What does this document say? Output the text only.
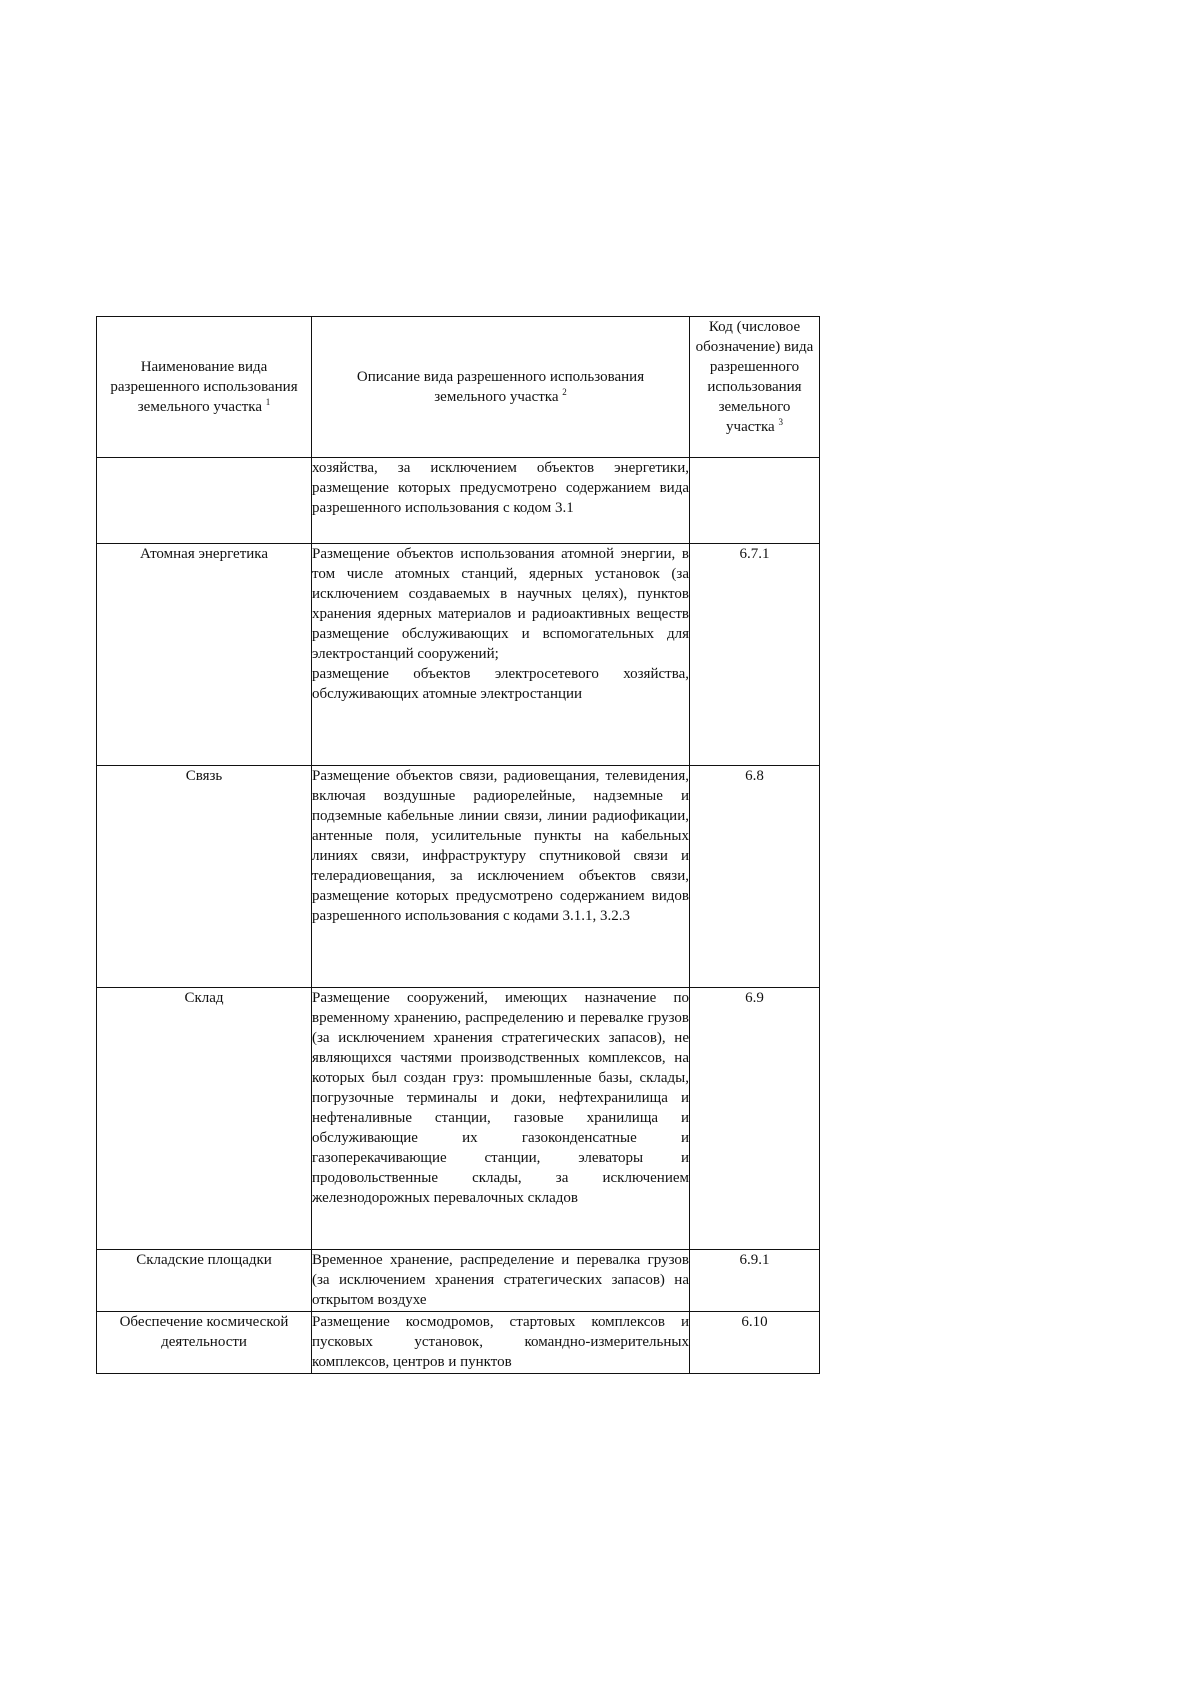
Наименование вида разрешенного использования земельного участка $^1$	Описание вида разрешенного использования земельного участка $^2$	Код (числовое обозначение) вида разрешенного использования земельного участка $^3$

	хозяйства, за исключением объектов энергетики, размещение которых предусмотрено содержанием вида разрешенного использования с кодом 3.1	

Атомная энергетика	Размещение объектов использования атомной энергии, в том числе атомных станций, ядерных установок (за исключением создаваемых в научных целях), пунктов хранения ядерных материалов и радиоактивных веществ размещение обслуживающих и вспомогательных для электростанций сооружений;

размещение объектов электросетевого хозяйства, обслуживающих атомные электростанции	6.7.1
Связь	Размещение объектов связи, радиовещания, телевидения, включая воздушные радиорелейные, надземные и подземные кабельные линии связи, линии радиофикации, антенные поля, усилительные пункты на кабельных линиях связи, инфраструктуру спутниковой связи и телерадиовещания, за исключением объектов связи, размещение которых предусмотрено содержанием видов разрешенного использования с кодами 3.1.1, 3.2.3	6.8
Склад	Размещение сооружений, имеющих назначение по временному хранению, распределению и перевалке грузов (за исключением хранения стратегических запасов), не являющихся частями производственных комплексов, на которых был создан груз: промышленные базы, склады, погрузочные терминалы и доки, нефтехранилища и нефтеналивные станции, газовые хранилища и обслуживающие их газоконденсатные и газоперекачивающие станции, элеваторы и продовольственные склады, за исключением железнодорожных перевалочных складов	6.9
Складские площадки	Временное хранение, распределение и перевалка грузов (за исключением хранения стратегических запасов) на открытом воздухе	6.9.1
Обеспечение космической деятельности	Размещение космодромов, стартовых комплексов и пусковых установок, командно-измерительных комплексов, центров и пунктов	6.10
